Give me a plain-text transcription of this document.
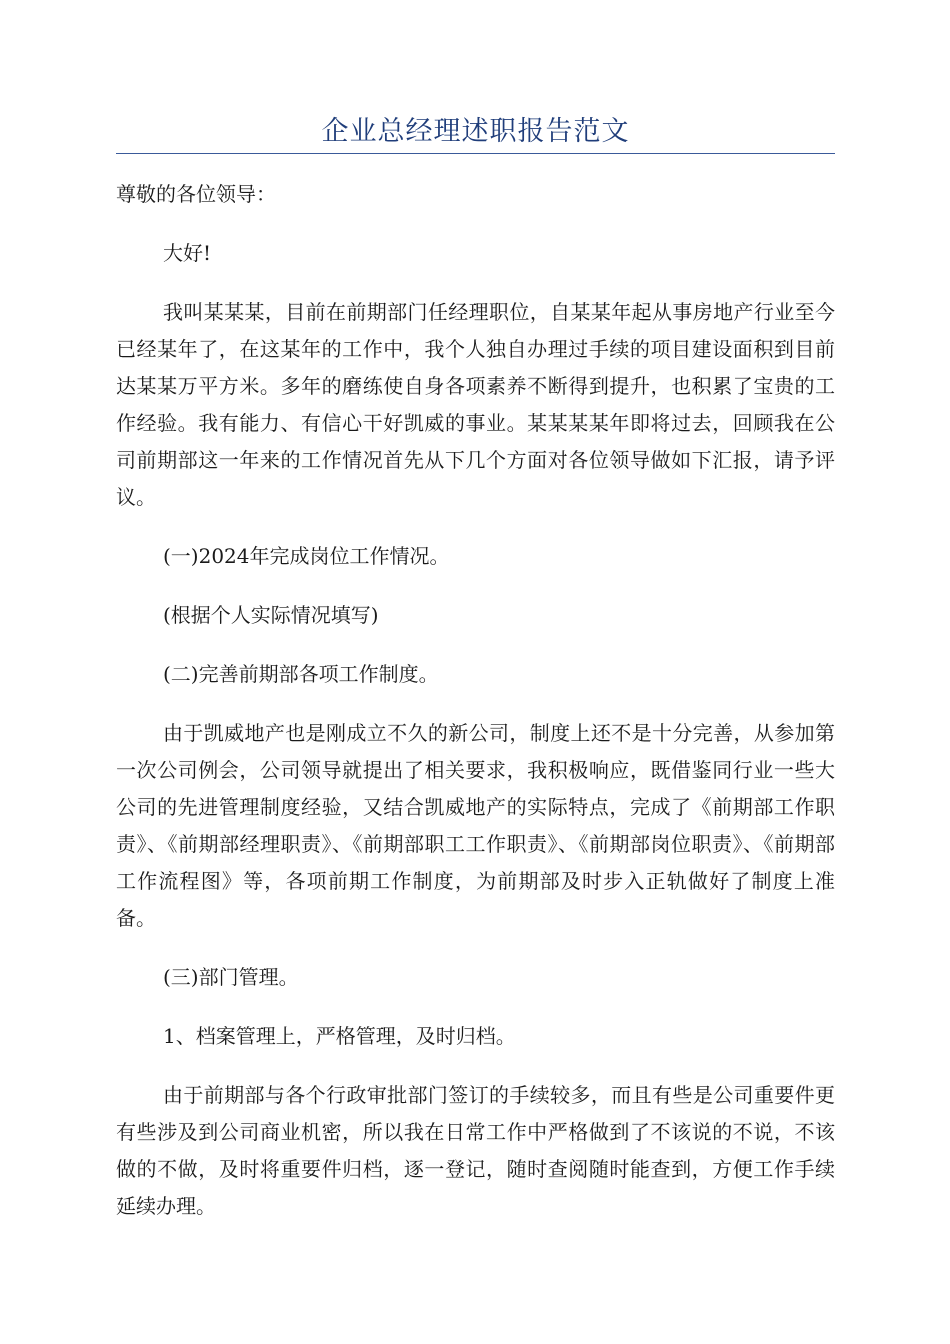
企业总经理述职报告范文

尊敬的各位领导：

大好!

我叫某某某，目前在前期部门任经理职位，自某某年起从事房地产行业至今已经某年了，在这某年的工作中，我个人独自办理过手续的项目建设面积到目前达某某万平方米。多年的磨练使自身各项素养不断得到提升，也积累了宝贵的工作经验。我有能力、有信心干好凯威的事业。某某某某年即将过去，回顾我在公司前期部这一年来的工作情况首先从下几个方面对各位领导做如下汇报，请予评议。

(一)2024年完成岗位工作情况。

(根据个人实际情况填写)

(二)完善前期部各项工作制度。

由于凯威地产也是刚成立不久的新公司，制度上还不是十分完善，从参加第一次公司例会，公司领导就提出了相关要求，我积极响应，既借鉴同行业一些大公司的先进管理制度经验，又结合凯威地产的实际特点，完成了《前期部工作职责》、《前期部经理职责》、《前期部职工工作职责》、《前期部岗位职责》、《前期部工作流程图》等，各项前期工作制度，为前期部及时步入正轨做好了制度上准备。

(三)部门管理。

1、档案管理上，严格管理，及时归档。

由于前期部与各个行政审批部门签订的手续较多，而且有些是公司重要件更有些涉及到公司商业机密，所以我在日常工作中严格做到了不该说的不说，不该做的不做，及时将重要件归档，逐一登记，随时查阅随时能查到，方便工作手续延续办理。
